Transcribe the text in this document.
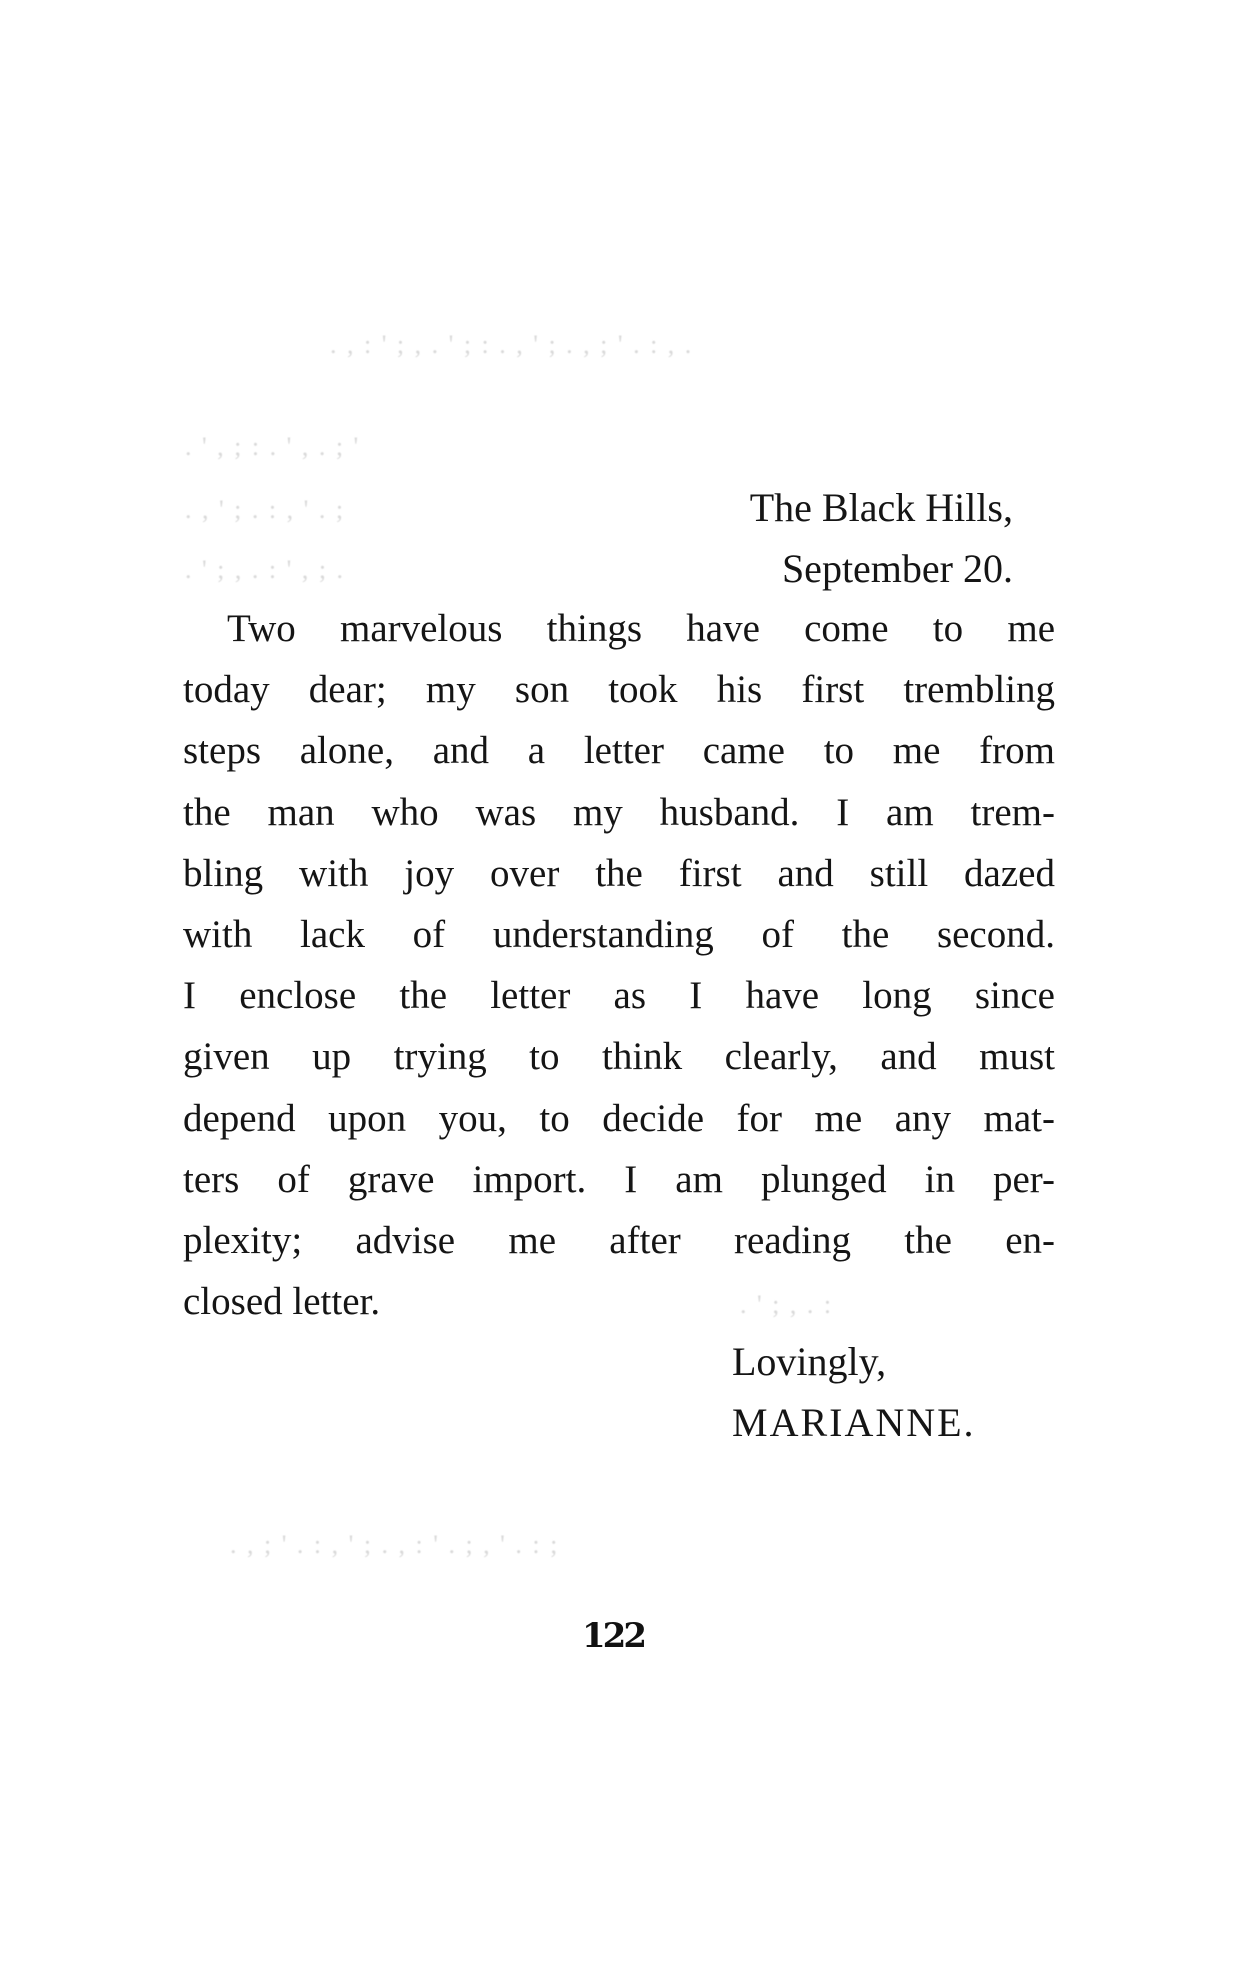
. , : ' ; , . ' ; : . , ' ; . , ; ' . : , .
. ' , ; : . ' , . ; '
. , ' ; . : , ' . ;
. ' ; , . : ' , ; .
. ' ; , . :
. , ; ' . : , ' ; . , : ' . ; , ' . : ;
The Black Hills,
September 20.
Two marvelous things have come to me
today dear; my son took his first trembling
steps alone, and a letter came to me from
the man who was my husband. I am trem-
bling with joy over the first and still dazed
with lack of understanding of the second.
I enclose the letter as I have long since
given up trying to think clearly, and must
depend upon you, to decide for me any mat-
ters of grave import. I am plunged in per-
plexity; advise me after reading the en-
closed letter.
Lovingly,
MARIANNE.
122
